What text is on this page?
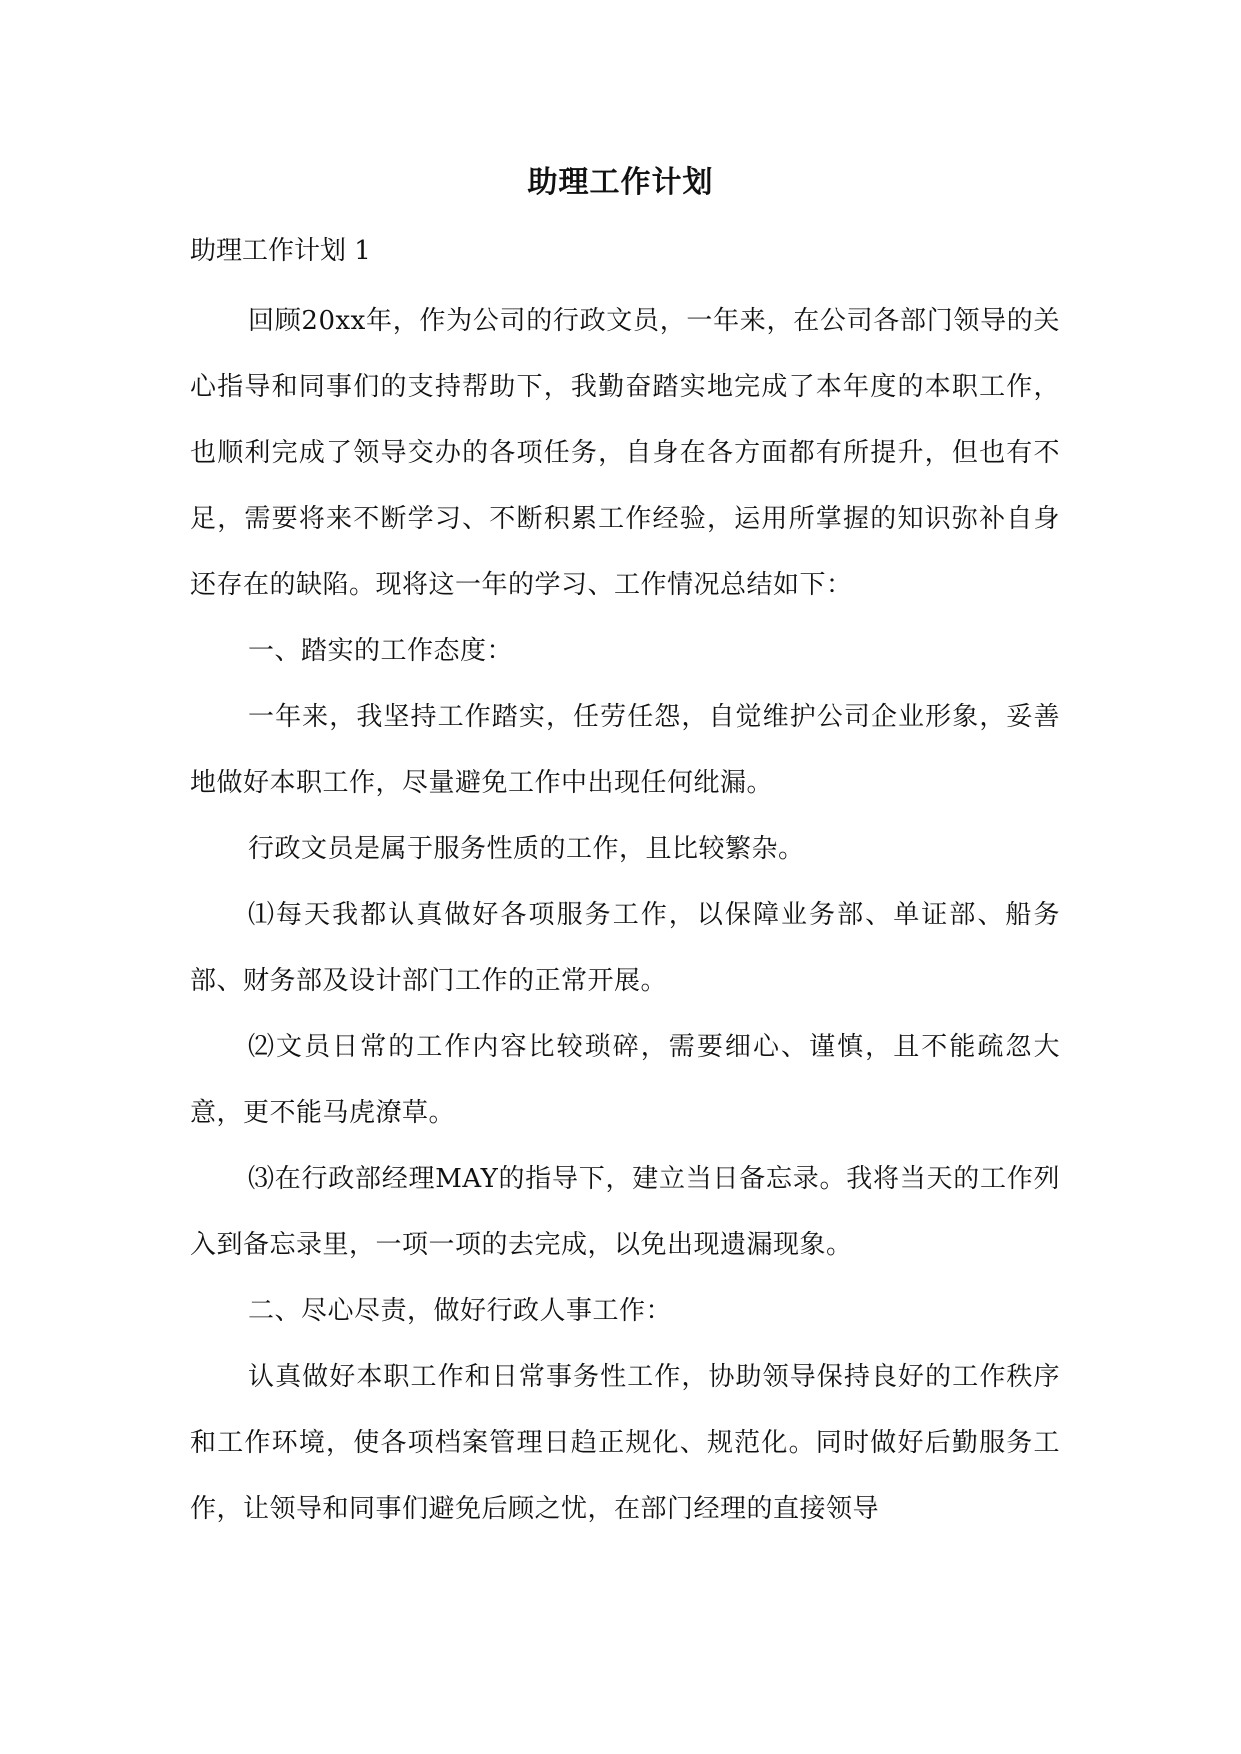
助理工作计划
助理工作计划 1

回顾20xx年，作为公司的行政文员，一年来，在公司各部门领导的关心指导和同事们的支持帮助下，我勤奋踏实地完成了本年度的本职工作，也顺利完成了领导交办的各项任务，自身在各方面都有所提升，但也有不足，需要将来不断学习、不断积累工作经验，运用所掌握的知识弥补自身还存在的缺陷。现将这一年的学习、工作情况总结如下：

一、踏实的工作态度：

一年来，我坚持工作踏实，任劳任怨，自觉维护公司企业形象，妥善地做好本职工作，尽量避免工作中出现任何纰漏。

行政文员是属于服务性质的工作，且比较繁杂。

⑴每天我都认真做好各项服务工作，以保障业务部、单证部、船务部、财务部及设计部门工作的正常开展。

⑵文员日常的工作内容比较琐碎，需要细心、谨慎，且不能疏忽大意，更不能马虎潦草。

⑶在行政部经理MAY的指导下，建立当日备忘录。我将当天的工作列入到备忘录里，一项一项的去完成，以免出现遗漏现象。

二、尽心尽责，做好行政人事工作：

认真做好本职工作和日常事务性工作，协助领导保持良好的工作秩序和工作环境，使各项档案管理日趋正规化、规范化。同时做好后勤服务工作，让领导和同事们避免后顾之忧，在部门经理的直接领导
